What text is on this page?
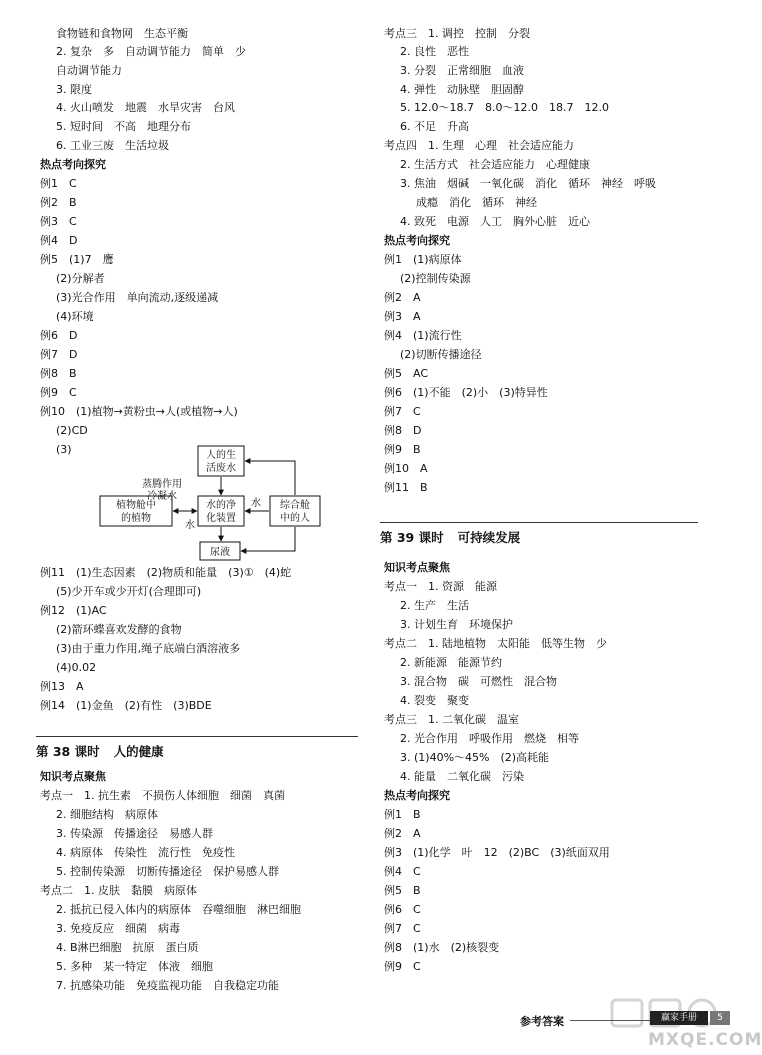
食物链和食物网　生态平衡
2. 复杂　多　自动调节能力　简单　少
自动调节能力
3. 限度
4. 火山喷发　地震　水旱灾害　台风
5. 短时间　不高　地理分布
6. 工业三废　生活垃圾
热点考向探究
例1　C
例2　B
例3　C
例4　D
例5　(1)7　鹰
(2)分解者
(3)光合作用　单向流动,逐级递减
(4)环境
例6　D
例7　D
例8　B
例9　C
例10　(1)植物→黄粉虫→人(或植物→人)
(2)CD
(3)	人的生
活废水
植物舱中
的植物
水的净
化装置
综合舱
中的人
尿液
蒸腾作用
冷凝水
水
水
例11　(1)生态因素　(2)物质和能量　(3)①　(4)蛇
(5)少开车或少开灯(合理即可)
例12　(1)AC
(2)箭环蝶喜欢发酵的食物
(3)由于重力作用,绳子底端白酒溶液多
(4)0.02
例13　A
例14　(1)金鱼　(2)有性　(3)BDE
第 38 课时 人的健康
知识考点聚焦
考点一　1. 抗生素　不损伤人体细胞　细菌　真菌
2. 细胞结构　病原体
3. 传染源　传播途径　易感人群
4. 病原体　传染性　流行性　免疫性
5. 控制传染源　切断传播途径　保护易感人群
考点二　1. 皮肤　黏膜　病原体
2. 抵抗已侵入体内的病原体　吞噬细胞　淋巴细胞
3. 免疫反应　细菌　病毒
4. B淋巴细胞　抗原　蛋白质
5. 多种　某一特定　体液　细胞
7. 抗感染功能　免疫监视功能　自我稳定功能
考点三　1. 调控　控制　分裂
2. 良性　恶性
3. 分裂　正常细胞　血液
4. 弹性　动脉壁　胆固醇
5. 12.0～18.7　8.0～12.0　18.7　12.0
6. 不足　升高
考点四　1. 生理　心理　社会适应能力
2. 生活方式　社会适应能力　心理健康
3. 焦油　烟碱　一氧化碳　消化　循环　神经　呼吸
成瘾　消化　循环　神经
4. 致死　电源　人工　胸外心脏　近心
热点考向探究
例1　(1)病原体
(2)控制传染源
例2　A
例3　A
例4　(1)流行性
(2)切断传播途径
例5　AC
例6　(1)不能　(2)小　(3)特异性
例7　C
例8　D
例9　B
例10　A
例11　B
第 39 课时 可持续发展
知识考点聚焦
考点一　1. 资源　能源
2. 生产　生活
3. 计划生育　环境保护
考点二　1. 陆地植物　太阳能　低等生物　少
2. 新能源　能源节约
3. 混合物　碳　可燃性　混合物
4. 裂变　聚变
考点三　1. 二氧化碳　温室
2. 光合作用　呼吸作用　燃烧　相等
3. (1)40%～45%　(2)高耗能
4. 能量　二氧化碳　污染
热点考向探究
例1　B
例2　A
例3　(1)化学　叶　12　(2)BC　(3)纸面双用
例4　C
例5　B
例6　C
例7　C
例8　(1)水　(2)核裂变
例9　C
参考答案	赢家手册	5
MXQE.COM
